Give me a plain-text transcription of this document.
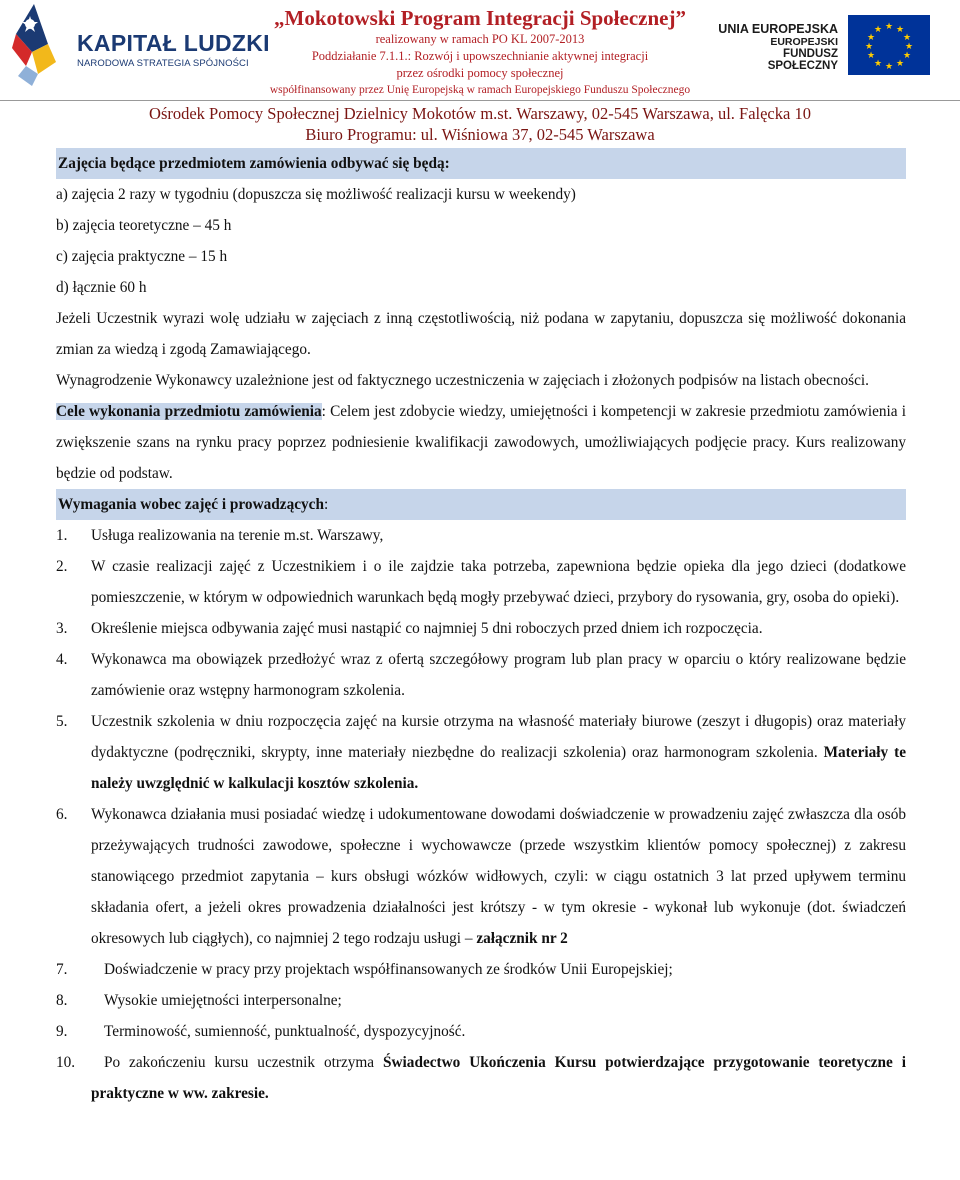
KAPITAŁ LUDZKI
NARODOWA STRATEGIA SPÓJNOŚCI
„Mokotowski Program Integracji Społecznej”
realizowany w ramach PO KL 2007-2013
Poddziałanie 7.1.1.: Rozwój i upowszechnianie aktywnej integracji
przez ośrodki pomocy społecznej
współfinansowany przez Unię Europejską w ramach Europejskiego Funduszu Społecznego
UNIA EUROPEJSKA
EUROPEJSKI
FUNDUSZ SPOŁECZNY
★ ★
★
★
★
★
★
★
★
★
★
★
Ośrodek Pomocy Społecznej Dzielnicy Mokotów m.st. Warszawy, 02-545 Warszawa, ul. Falęcka 10
Biuro Programu: ul. Wiśniowa 37, 02-545 Warszawa
Zajęcia będące przedmiotem zamówienia odbywać się będą:

a) zajęcia 2 razy w tygodniu (dopuszcza się możliwość realizacji kursu w weekendy)

b) zajęcia teoretyczne – 45 h

c) zajęcia praktyczne – 15 h

d) łącznie 60 h

Jeżeli Uczestnik wyrazi wolę udziału w zajęciach z inną częstotliwością, niż podana w zapytaniu, dopuszcza się możliwość dokonania zmian za wiedzą i zgodą Zamawiającego.

Wynagrodzenie Wykonawcy uzależnione jest od faktycznego uczestniczenia w zajęciach i złożonych podpisów na listach obecności.

Cele wykonania przedmiotu zamówienia: Celem jest zdobycie wiedzy, umiejętności i kompetencji w zakresie przedmiotu zamówienia i zwiększenie szans na rynku pracy poprzez podniesienie kwalifikacji zawodowych, umożliwiających podjęcie pracy. Kurs realizowany będzie od podstaw.

Wymagania wobec zajęć i prowadzących:
1. Usługa realizowania na terenie m.st. Warszawy,
2. W czasie realizacji zajęć z Uczestnikiem i o ile zajdzie taka potrzeba, zapewniona będzie opieka dla jego dzieci (dodatkowe pomieszczenie, w którym w odpowiednich warunkach będą mogły przebywać dzieci, przybory do rysowania, gry, osoba do opieki).
3. Określenie miejsca odbywania zajęć musi nastąpić co najmniej 5 dni roboczych przed dniem ich rozpoczęcia.
4. Wykonawca ma obowiązek przedłożyć wraz z ofertą szczegółowy program lub plan pracy w oparciu o który realizowane będzie zamówienie oraz wstępny harmonogram szkolenia.
5. Uczestnik szkolenia w dniu rozpoczęcia zajęć na kursie otrzyma na własność materiały biurowe (zeszyt i długopis) oraz materiały dydaktyczne (podręczniki, skrypty, inne materiały niezbędne do realizacji szkolenia) oraz harmonogram szkolenia. Materiały te należy uwzględnić w kalkulacji kosztów szkolenia.
6. Wykonawca działania musi posiadać wiedzę i udokumentowane dowodami doświadczenie w prowadzeniu zajęć zwłaszcza dla osób przeżywających trudności zawodowe, społeczne i wychowawcze (przede wszystkim klientów pomocy społecznej) z zakresu stanowiącego przedmiot zapytania – kurs obsługi wózków widłowych, czyli: w ciągu ostatnich 3 lat przed upływem terminu składania ofert, a jeżeli okres prowadzenia działalności jest krótszy - w tym okresie - wykonał lub wykonuje (dot. świadczeń okresowych lub ciągłych), co najmniej 2 tego rodzaju usługi – załącznik nr 2
7. Doświadczenie w pracy przy projektach współfinansowanych ze środków Unii Europejskiej;
8. Wysokie umiejętności interpersonalne;
9. Terminowość, sumienność, punktualność, dyspozycyjność.
10. Po zakończeniu kursu uczestnik otrzyma Świadectwo Ukończenia Kursu potwierdzające przygotowanie teoretyczne i praktyczne w ww. zakresie.
